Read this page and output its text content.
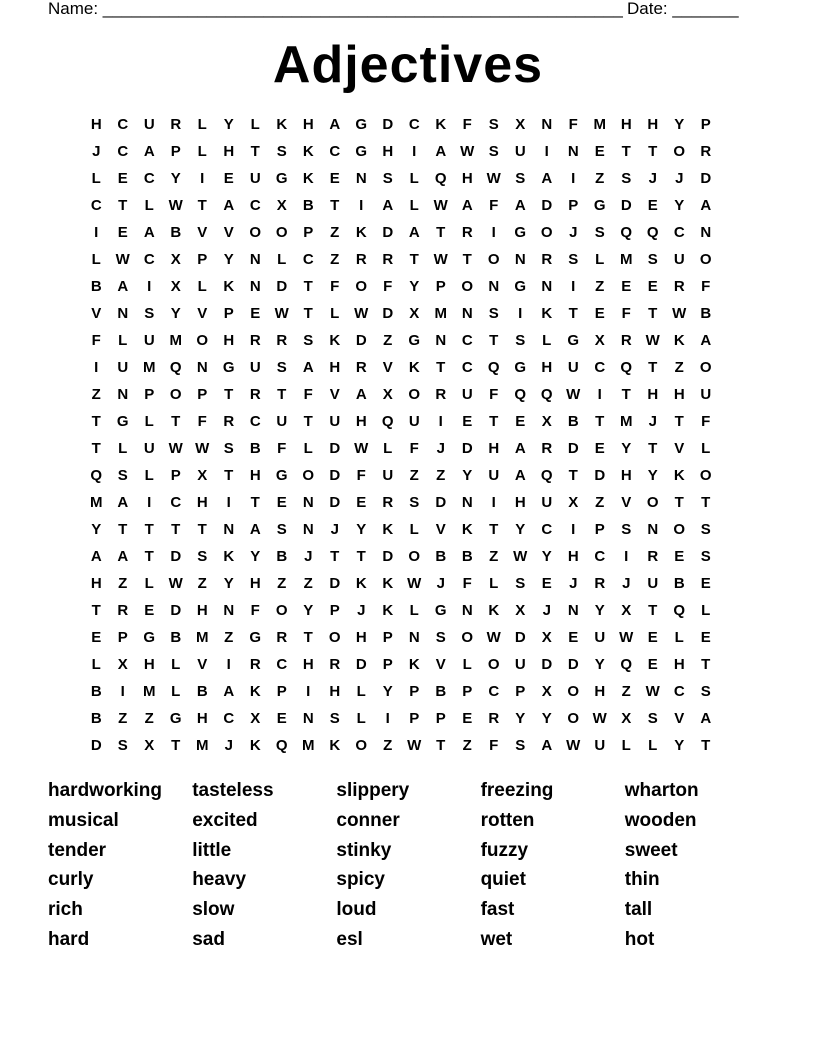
Name: _______________________________________________________ Date: _______
Adjectives
H	C	U	R	L	Y	L	K	H	A	G	D	C	K	F	S	X	N	F	M H	H	Y	P
J	C	A	P	L	H	T	S	K	C	G	H	I	A W S	U	I	N	E	T	T	O	R
L	E	C	Y	I	E	U	G	K	E	N	S	L	Q	H W S	A	I	Z	S	J	J	D
C	T	L W T	A	C	X	B	T	I	A	L W A	F	A	D	P	G	D	E	Y	A
I	E	A	B	V	V	O O	P	Z	K	D	A	T	R	I	G O	J	S	Q Q	C	N
L W C	X	P	Y	N	L	C	Z	R	R	T W T	O	N	R	S	L	M	S	U	O
B	A	I	X	L	K	N	D	T	F	O	F	Y	P	O	N	G	N	I	Z	E	E	R	F
V	N	S	Y	V	P	E W T	L W D	X	M N	S	I	K	T	E	F	T W B
F	L	U M O	H	R	R	S	K	D	Z	G	N	C	T	S	L	G	X	R W K	A
I	U M Q	N	G	U	S	A	H	R	V	K	T	C	Q G	H	U	C	Q	T	Z	O
Z	N	P	O	P	T	R	T	F	V	A	X	O	R	U	F	Q Q W	I	T	H	H	U
T	G	L	T	F	R	C	U	T	U	H	Q	U	I	E	T	E	X	B	T	M	J	T	F
T	L	U W W S	B	F	L	D W L	F	J	D	H	A	R	D	E	Y	T	V	L
Q	S	L	P	X	T	H	G O	D	F	U	Z	Z	Y	U	A	Q	T	D	H	Y	K	O
M A	I	C	H	I	T	E	N	D	E	R	S	D	N	I	H	U	X	Z	V	O	T	T
Y	T	T	T	T	N	A	S	N	J	Y	K	L	V	K	T	Y	C	I	P	S	N	O	S
A	A	T	D	S	K	Y	B	J	T	T	D	O	B	B	Z W Y	H	C	I	R	E	S
H	Z	L W Z	Y	H	Z	Z	D	K	K W	J	F	L	S	E	J	R	J	U	B	E
T	R	E	D	H	N	F	O	Y	P	J	K	L	G	N	K	X	J	N	Y	X	T	Q	L
E	P	G	B M	Z	G	R	T	O	H	P	N	S	O W D	X	E	U W E	L	E
L	X	H	L	V	I	R	C	H	R	D	P	K	V	L	O	U	D	D	Y	Q	E	H	T
B	I	M	L	B	A	K	P	I	H	L	Y	P	B	P	C	P	X	O	H	Z W C	S
B	Z	Z	G	H	C	X	E	N	S	L	I	P	P	E	R	Y	Y	O W X	S	V	A
D	S	X	T	M	J	K	Q M K	O	Z W T	Z	F	S	A W U	L	L	Y	T
hardworking	tasteless	slippery	freezing	wharton
musical	excited	conner	rotten	wooden
tender	little	stinky	fuzzy	sweet
curly	heavy	spicy	quiet	thin
rich	slow	loud	fast	tall
hard	sad	esl	wet	hot
